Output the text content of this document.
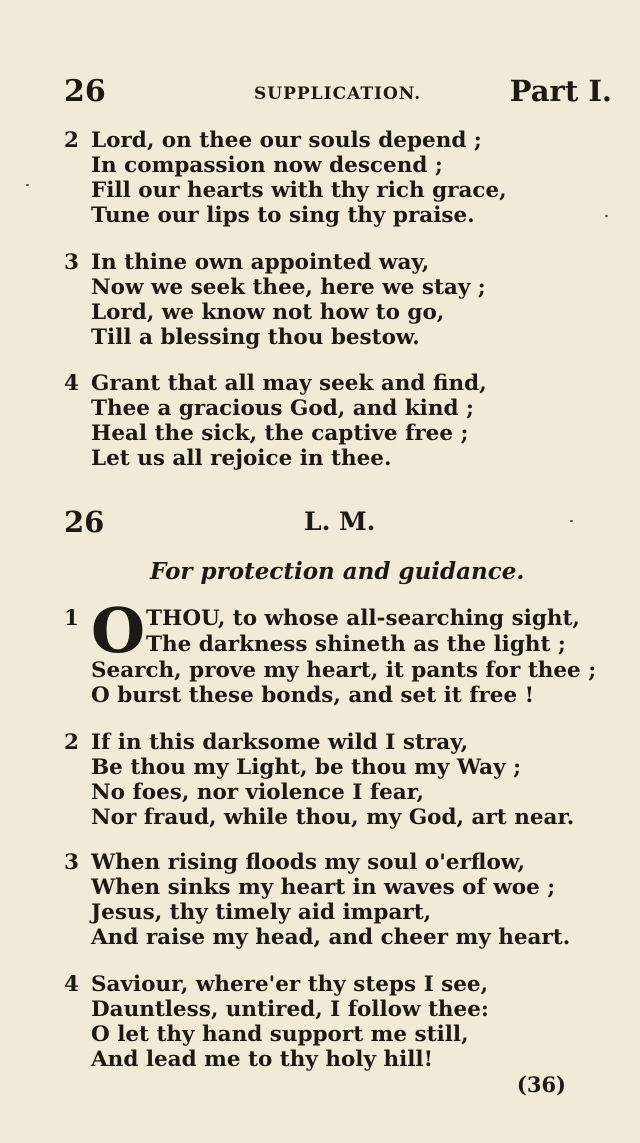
26	SUPPLICATION.	Part I.
2 Lord, on thee our souls depend ;
In compassion now descend ;
Fill our hearts with thy rich grace,
Tune our lips to sing thy praise.
3 In thine own appointed way,
Now we seek thee, here we stay ;
Lord, we know not how to go,
Till a blessing thou bestow.
4 Grant that all may seek and find,
Thee a gracious God, and kind ;
Heal the sick, the captive free ;
Let us all rejoice in thee.
26	L. M.
For protection and guidance.
1 O THOU, to whose all-searching sight,
The darkness shineth as the light ;
Search, prove my heart, it pants for thee ;
O burst these bonds, and set it free !
2 If in this darksome wild I stray,
Be thou my Light, be thou my Way ;
No foes, nor violence I fear,
Nor fraud, while thou, my God, art near.
3 When rising floods my soul o'erflow,
When sinks my heart in waves of woe ;
Jesus, thy timely aid impart,
And raise my head, and cheer my heart.
4 Saviour, where'er thy steps I see,
Dauntless, untired, I follow thee:
O let thy hand support me still,
And lead me to thy holy hill!
(36)
